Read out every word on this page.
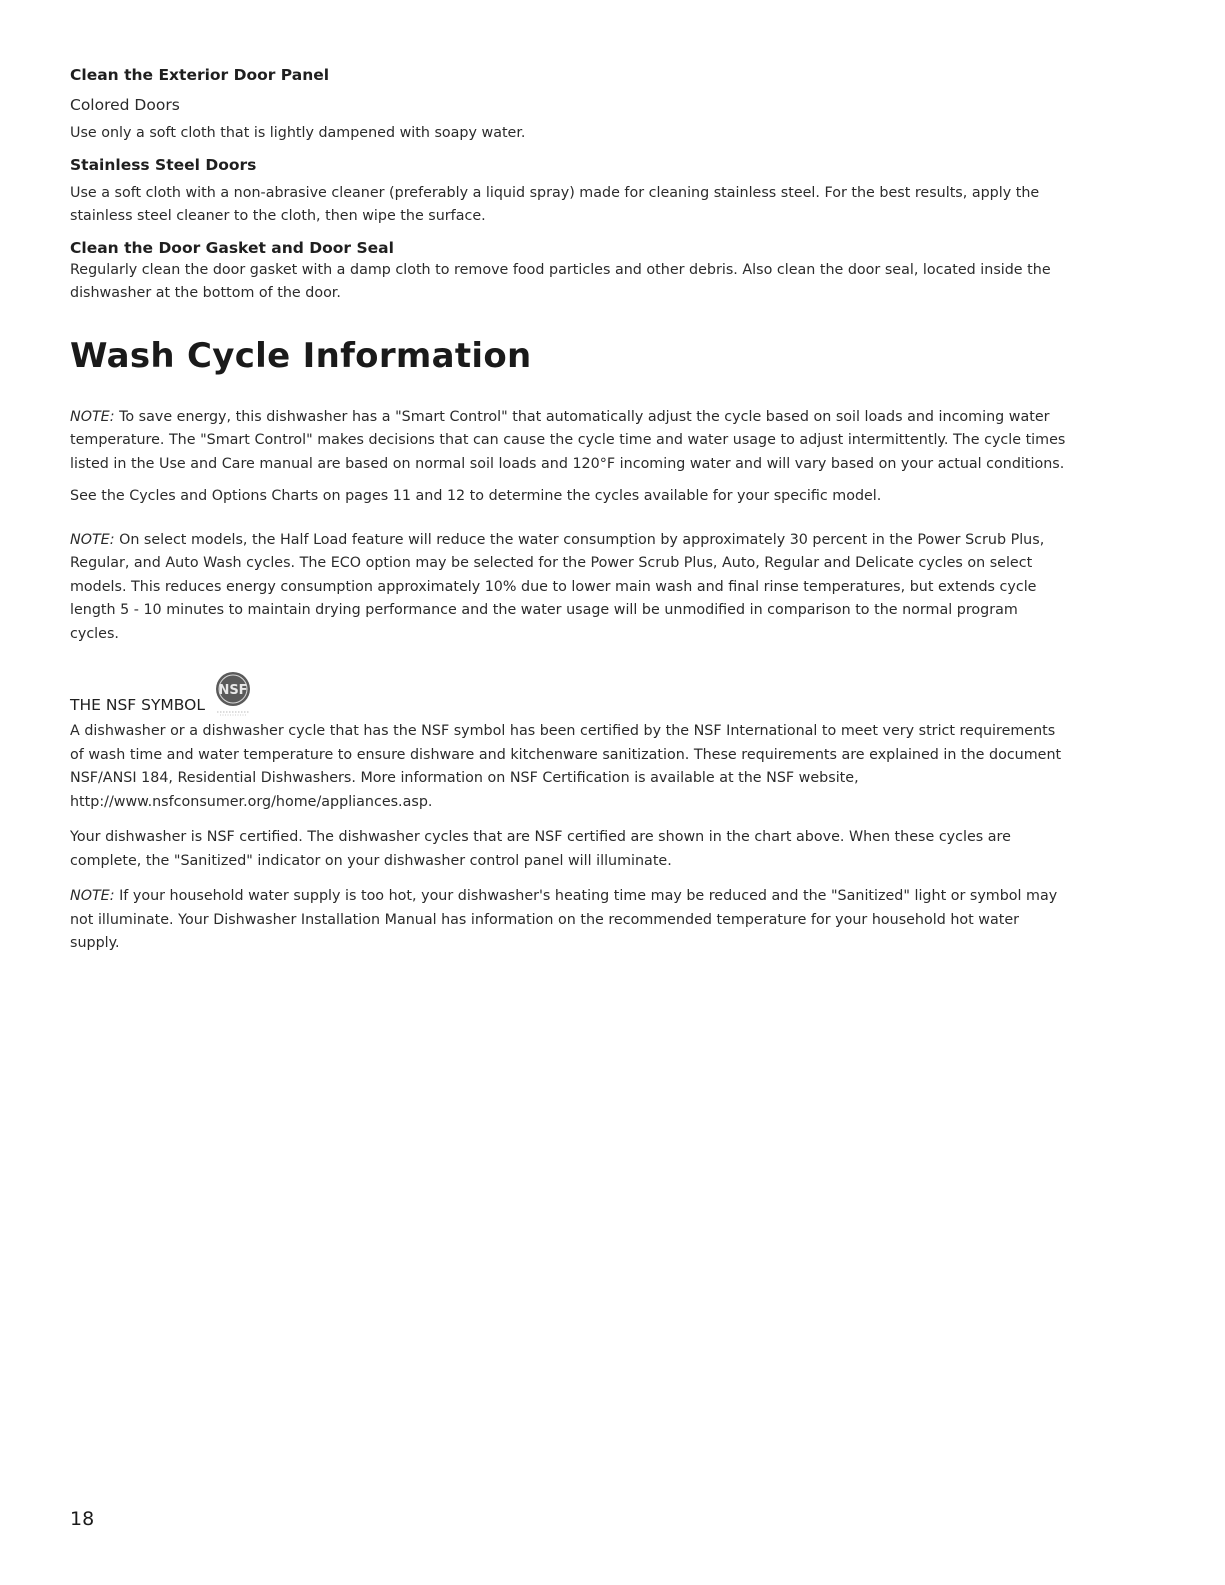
Clean the Exterior Door Panel
Colored Doors

Use only a soft cloth that is lightly dampened with soapy water.

Stainless Steel Doors

Use a soft cloth with a non-abrasive cleaner (preferably a liquid spray) made for cleaning stainless steel. For the best results, apply the stainless steel cleaner to the cloth, then wipe the surface.

Clean the Door Gasket and Door Seal

Regularly clean the door gasket with a damp cloth to remove food particles and other debris. Also clean the door seal, located inside the dishwasher at the bottom of the door.

Wash Cycle Information

NOTE: To save energy, this dishwasher has a "Smart Control" that automatically adjust the cycle based on soil loads and incoming water temperature. The "Smart Control" makes decisions that can cause the cycle time and water usage to adjust intermittently. The cycle times listed in the Use and Care manual are based on normal soil loads and 120°F incoming water and will vary based on your actual conditions.

See the Cycles and Options Charts on pages 11 and 12 to determine the cycles available for your specific model.

NOTE: On select models, the Half Load feature will reduce the water consumption by approximately 30 percent in the Power Scrub Plus, Regular, and Auto Wash cycles. The ECO option may be selected for the Power Scrub Plus, Auto, Regular and Delicate cycles on select models. This reduces energy consumption approximately 10% due to lower main wash and final rinse temperatures, but extends cycle length 5 - 10 minutes to maintain drying performance and the water usage will be unmodified in comparison to the normal program cycles.

THE NSF SYMBOL
NSF

A dishwasher or a dishwasher cycle that has the NSF symbol has been certified by the NSF International to meet very strict requirements of wash time and water temperature to ensure dishware and kitchenware sanitization. These requirements are explained in the document NSF/ANSI 184, Residential Dishwashers. More information on NSF Certification is available at the NSF website, http://www.nsfconsumer.org/home/appliances.asp.

Your dishwasher is NSF certified. The dishwasher cycles that are NSF certified are shown in the chart above. When these cycles are complete, the "Sanitized" indicator on your dishwasher control panel will illuminate.

NOTE: If your household water supply is too hot, your dishwasher's heating time may be reduced and the "Sanitized" light or symbol may not illuminate. Your Dishwasher Installation Manual has information on the recommended temperature for your household hot water supply.

18
